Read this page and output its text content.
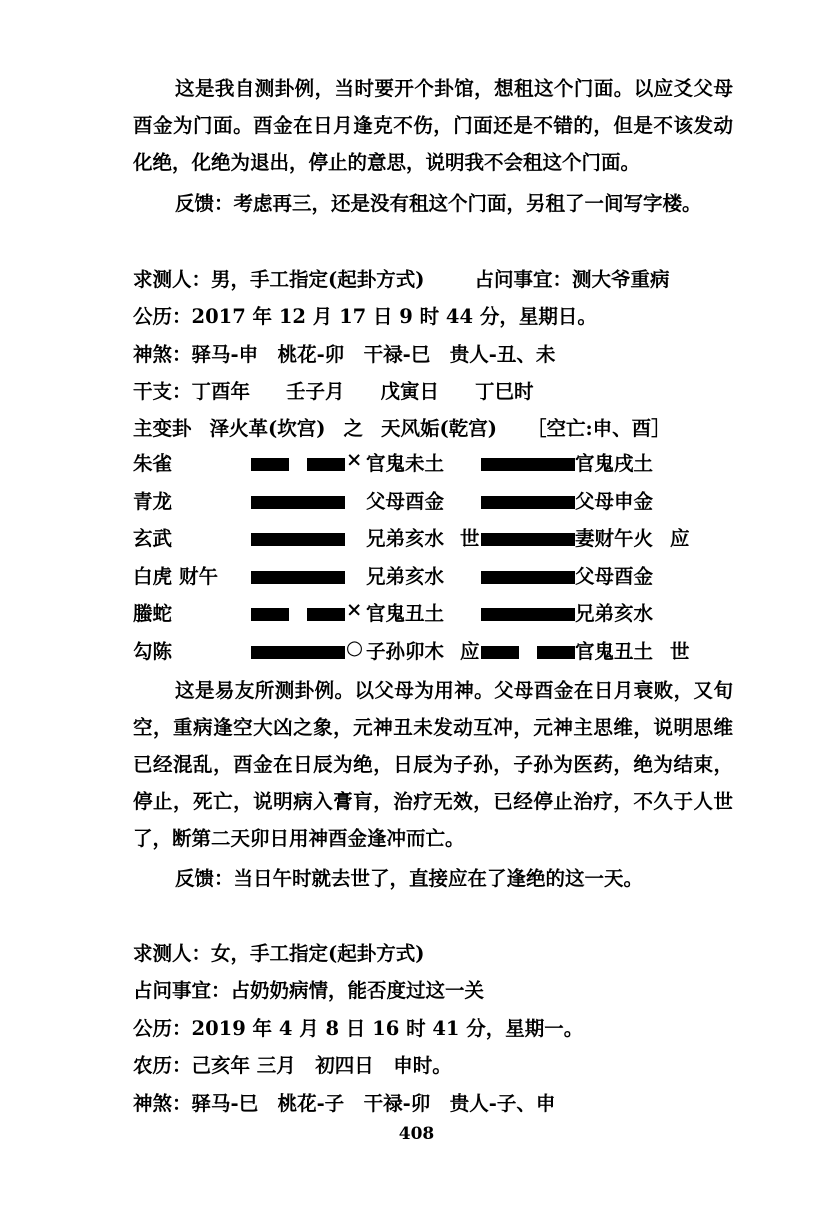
这是我自测卦例，当时要开个卦馆，想租这个门面。以应爻父母酉金为门面。酉金在日月逢克不伤，门面还是不错的，但是不该发动化绝，化绝为退出，停止的意思，说明我不会租这个门面。
反馈：考虑再三，还是没有租这个门面，另租了一间写字楼。
求测人：男，手工指定(起卦方式)	占问事宜：测大爷重病
公历：2017 年 12 月 17 日 9 时 44 分，星期日。
神煞：驿马-申　桃花-卯　干禄-巳　贵人-丑、未
干支：丁酉年 壬子月 戊寅日 丁巳时
主变卦 泽火革(坎宫) 之 天风姤(乾宫) ［空亡:申、酉］
朱雀	× 官鬼未土	官鬼戌土
青龙	父母酉金	父母申金
玄武	兄弟亥水 世	妻财午火 应
白虎 财午	兄弟亥水	父母酉金
螣蛇	× 官鬼丑土	兄弟亥水
勾陈	○ 子孙卯木 应	官鬼丑土 世
这是易友所测卦例。以父母为用神。父母酉金在日月衰败，又旬空，重病逢空大凶之象，元神丑未发动互冲，元神主思维，说明思维已经混乱，酉金在日辰为绝，日辰为子孙，子孙为医药，绝为结束，停止，死亡，说明病入膏肓，治疗无效，已经停止治疗，不久于人世了，断第二天卯日用神酉金逢冲而亡。
反馈：当日午时就去世了，直接应在了逢绝的这一天。
求测人：女，手工指定(起卦方式)
占问事宜：占奶奶病情，能否度过这一关
公历：2019 年 4 月 8 日 16 时 41 分，星期一。
农历：己亥年 三月　初四日　申时。
神煞：驿马-巳　桃花-子　干禄-卯　贵人-子、申
408
